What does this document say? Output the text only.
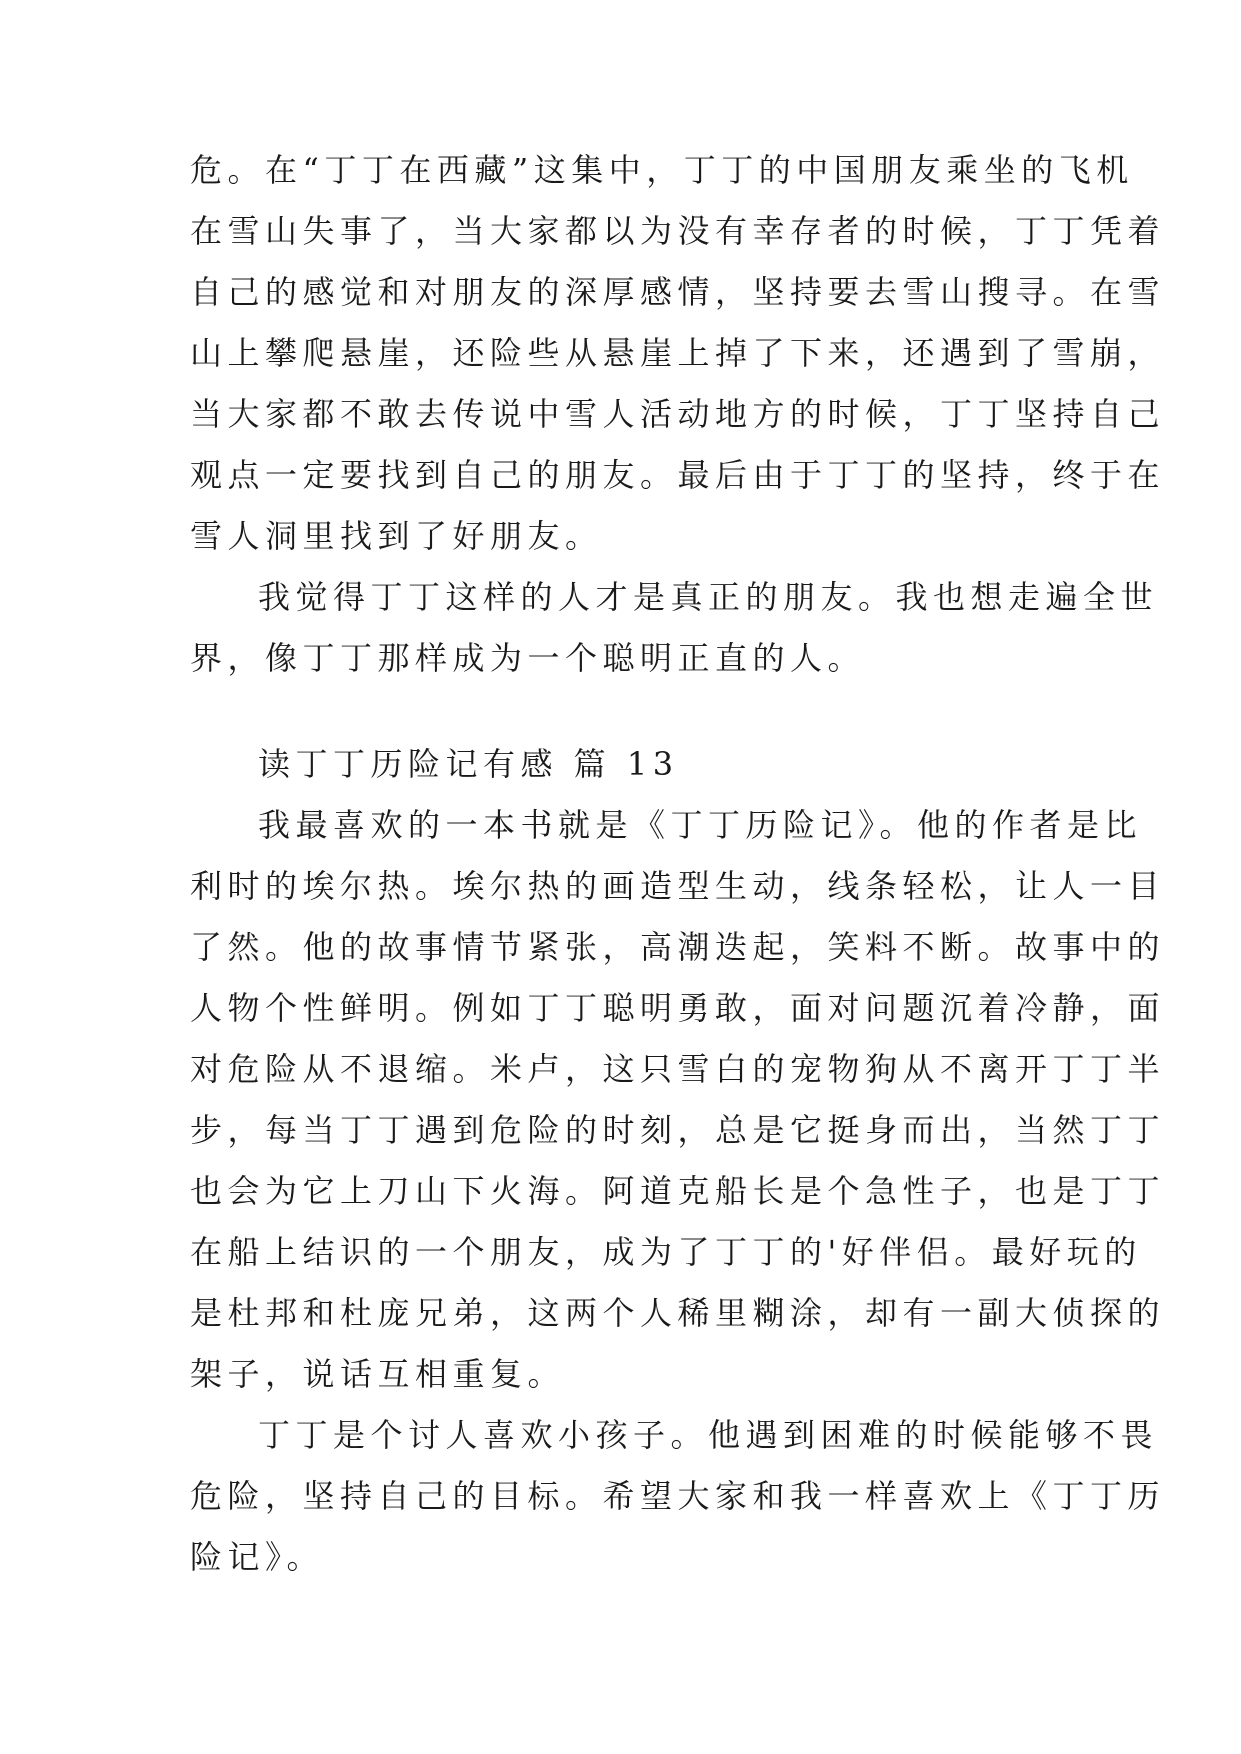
危。在“丁丁在西藏”这集中，丁丁的中国朋友乘坐的飞机
在雪山失事了，当大家都以为没有幸存者的时候，丁丁凭着
自己的感觉和对朋友的深厚感情，坚持要去雪山搜寻。在雪
山上攀爬悬崖，还险些从悬崖上掉了下来，还遇到了雪崩，
当大家都不敢去传说中雪人活动地方的时候，丁丁坚持自己
观点一定要找到自己的朋友。最后由于丁丁的坚持，终于在
雪人洞里找到了好朋友。
我觉得丁丁这样的人才是真正的朋友。我也想走遍全世
界，像丁丁那样成为一个聪明正直的人。
读丁丁历险记有感 篇 13
我最喜欢的一本书就是《丁丁历险记》。他的作者是比
利时的埃尔热。埃尔热的画造型生动，线条轻松，让人一目
了然。他的故事情节紧张，高潮迭起，笑料不断。故事中的
人物个性鲜明。例如丁丁聪明勇敢，面对问题沉着冷静，面
对危险从不退缩。米卢，这只雪白的宠物狗从不离开丁丁半
步，每当丁丁遇到危险的时刻，总是它挺身而出，当然丁丁
也会为它上刀山下火海。阿道克船长是个急性子，也是丁丁
在船上结识的一个朋友，成为了丁丁的'好伴侣。最好玩的
是杜邦和杜庞兄弟，这两个人稀里糊涂，却有一副大侦探的
架子，说话互相重复。
丁丁是个讨人喜欢小孩子。他遇到困难的时候能够不畏
危险，坚持自己的目标。希望大家和我一样喜欢上《丁丁历
险记》。
